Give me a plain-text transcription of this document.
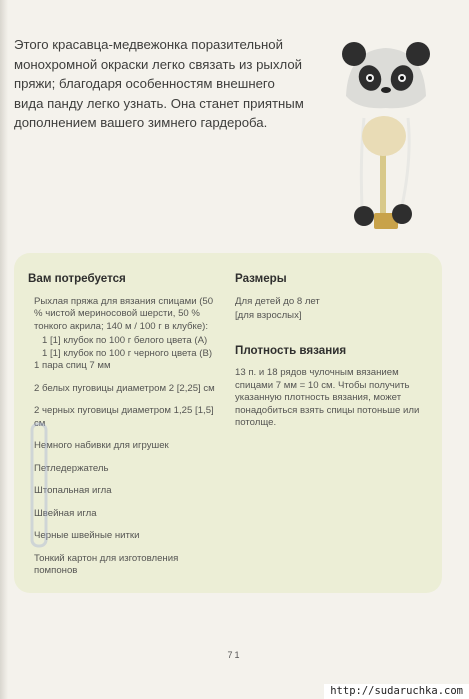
Этого красавца-медвежонка поразительной монохромной окраски легко связать из рыхлой пряжи; благодаря особенностям внешнего вида панду легко узнать. Она станет приятным дополнением вашего зимнего гардероба.

Вам потребуется

Рыхлая пряжа для вязания спицами (50 % чистой мериносовой шерсти, 50 % тонкого акрила; 140 м / 100 г в клубке):

1 [1] клубок по 100 г белого цвета (А)

1 [1] клубок по 100 г черного цвета (В)

1 пара спиц 7 мм

2 белых пуговицы диаметром 2 [2,25] см

2 черных пуговицы диаметром 1,25 [1,5] см

Немного набивки для игрушек

Петледержатель

Штопальная игла

Швейная игла

Черные швейные нитки

Тонкий картон для изготовления помпонов

Размеры

Для детей до 8 лет

[для взрослых]

Плотность вязания

13 п. и 18 рядов чулочным вязанием спицами 7 мм = 10 см. Чтобы получить указанную плотность вязания, может понадобиться взять спицы потоньше или потолще.

71
http://sudaruchka.com
